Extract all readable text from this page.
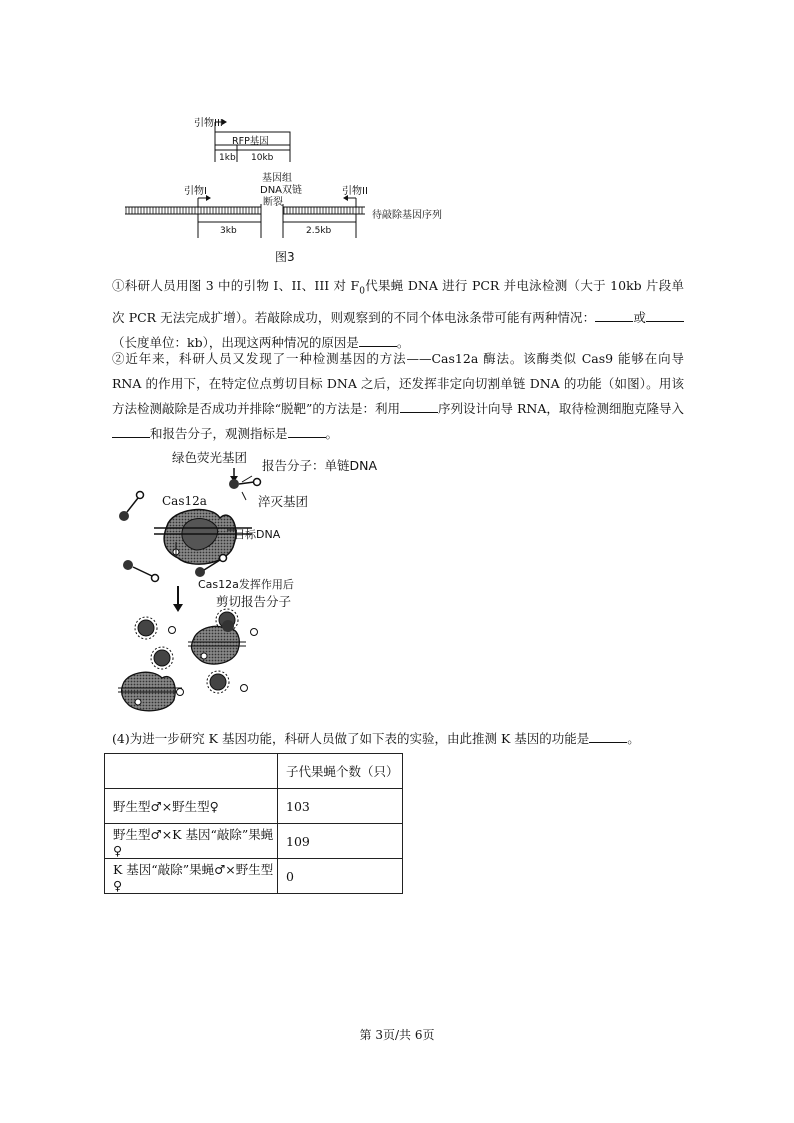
引物III
RFP基因
1kb 10kb
基因组
DNA双链
断裂
引物I	引物II
待敲除基因序列
3kb	2.5kb
图3
①科研人员用图 3 中的引物 I、II、III 对 $F_0$代果蝇 DNA 进行 PCR 并电泳检测（大于 10kb 片段单次 PCR 无法完成扩增）。若敲除成功，则观察到的不同个体电泳条带可能有两种情况：	或（长度单位：kb），出现这两种情况的原因是	。
②近年来，科研人员又发现了一种检测基因的方法——Cas12a 酶法。该酶类似 Cas9 能够在向导 RNA 的作用下，在特定位点剪切目标 DNA 之后，还发挥非定向切割单链 DNA 的功能（如图）。用该方法检测敲除是否成功并排除“脱靶”的方法是：利用	序列设计向导 RNA，取待检测细胞克隆导入和报告分子，观测指标是	。
绿色荧光基团
报告分子：单链DNA
淬灭基团
Cas12a
目标DNA
Cas12a发挥作用后
剪切报告分子
(4)为进一步研究 K 基因功能，科研人员做了如下表的实验，由此推测 K 基因的功能是	。
	子代果蝇个数（只）
野生型♂×野生型♀	103
野生型♂×K 基因“敲除”果蝇♀	109
K 基因“敲除”果蝇♂×野生型♀	0
第 3页/共 6页
